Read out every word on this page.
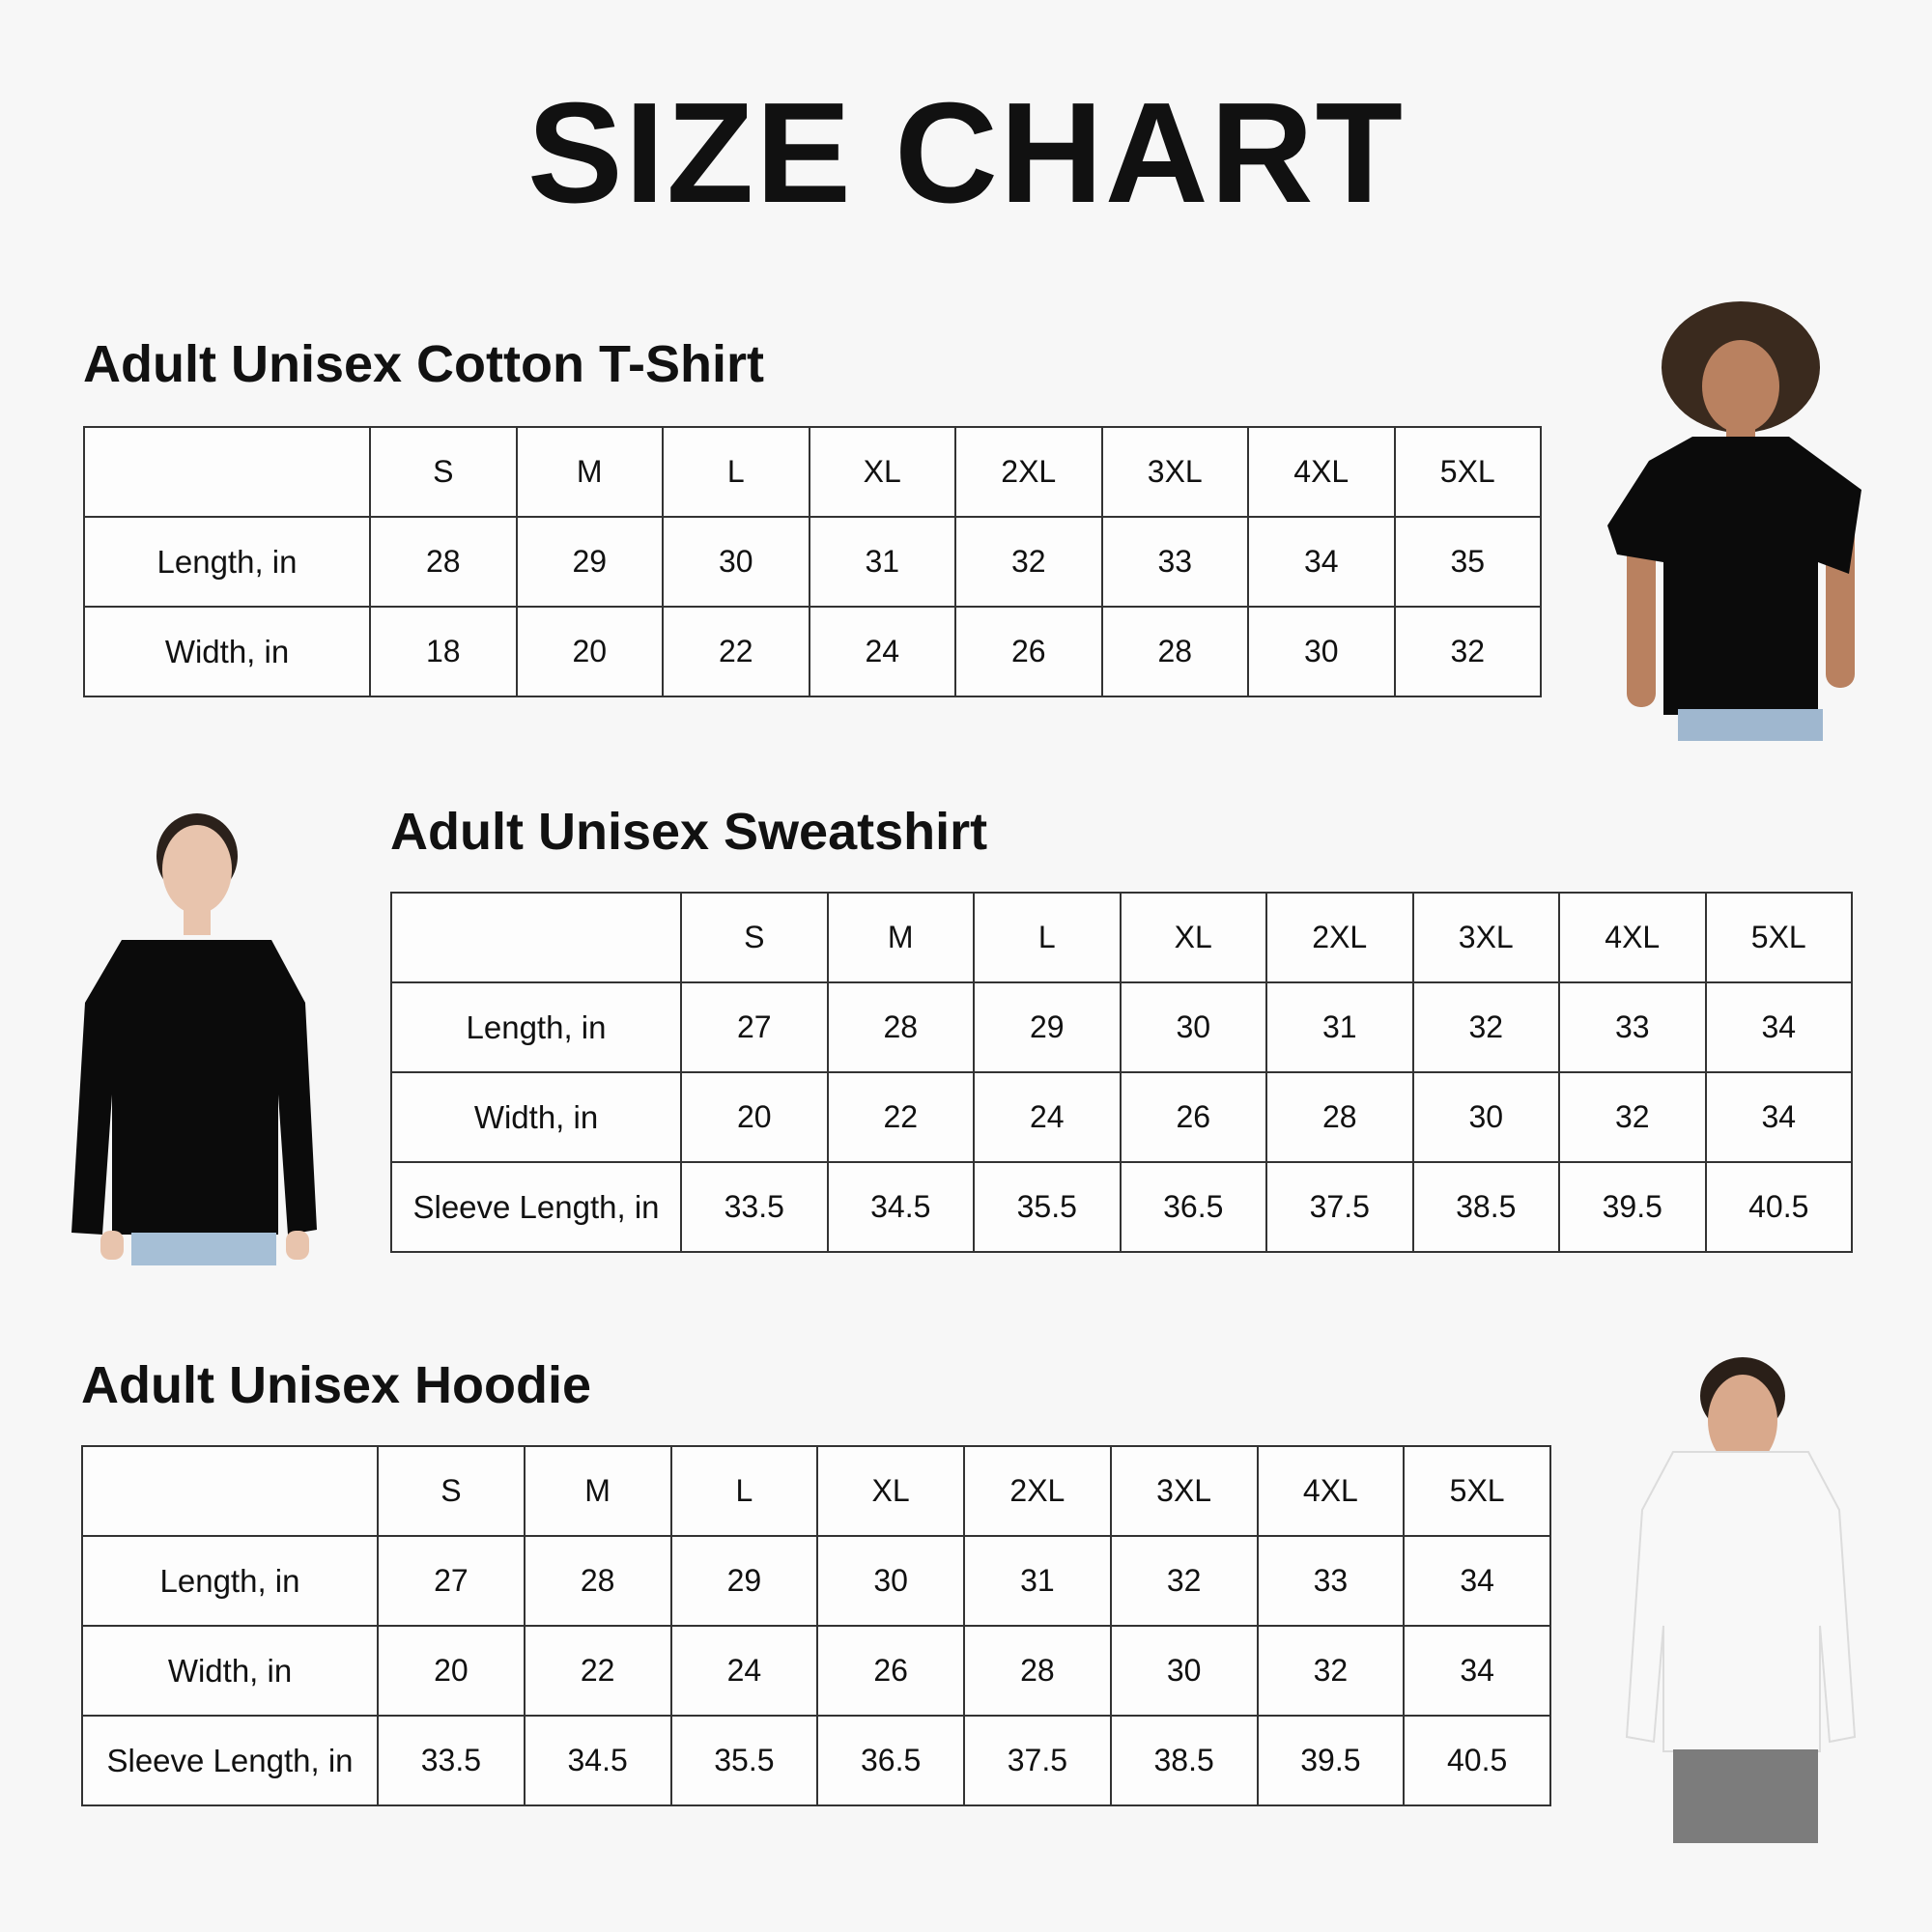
SIZE CHART
Adult Unisex Cotton T-Shirt
	S	M	L	XL	2XL	3XL	4XL	5XL
Length, in	28	29	30	31	32	33	34	35
Width, in	18	20	22	24	26	28	30	32
Adult Unisex Sweatshirt
	S	M	L	XL	2XL	3XL	4XL	5XL
Length, in	27	28	29	30	31	32	33	34
Width, in	20	22	24	26	28	30	32	34
Sleeve Length, in	33.5	34.5	35.5	36.5	37.5	38.5	39.5	40.5
Adult Unisex Hoodie
	S	M	L	XL	2XL	3XL	4XL	5XL
Length, in	27	28	29	30	31	32	33	34
Width, in	20	22	24	26	28	30	32	34
Sleeve Length, in	33.5	34.5	35.5	36.5	37.5	38.5	39.5	40.5
